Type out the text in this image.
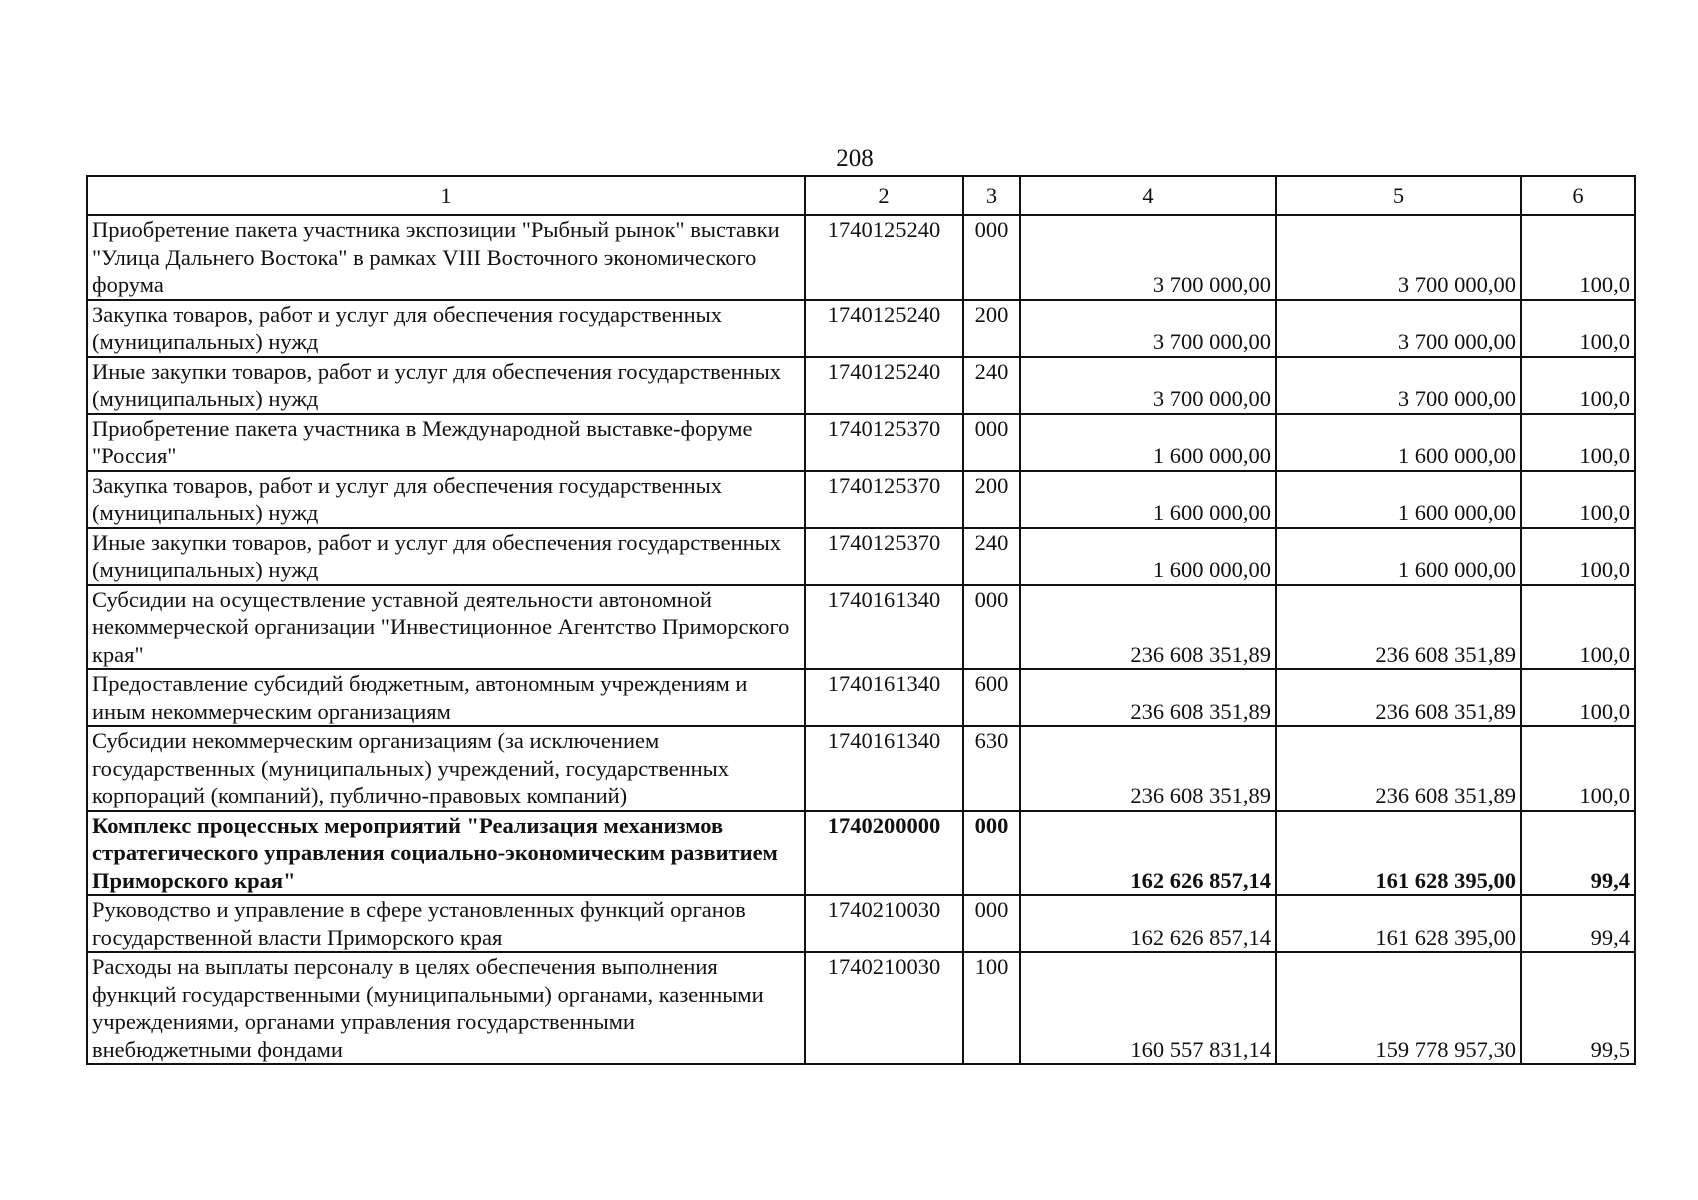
208
1	2	3	4	5	6
Приобретение пакета участника экспозиции "Рыбный рынок" выставки "Улица Дальнего Востока" в рамках VIII Восточного экономического форума	1740125240	000	3 700 000,00	3 700 000,00	100,0
Закупка товаров, работ и услуг для обеспечения государственных (муниципальных) нужд	1740125240	200	3 700 000,00	3 700 000,00	100,0
Иные закупки товаров, работ и услуг для обеспечения государственных (муниципальных) нужд	1740125240	240	3 700 000,00	3 700 000,00	100,0
Приобретение пакета участника в Международной выставке-форуме "Россия"	1740125370	000	1 600 000,00	1 600 000,00	100,0
Закупка товаров, работ и услуг для обеспечения государственных (муниципальных) нужд	1740125370	200	1 600 000,00	1 600 000,00	100,0
Иные закупки товаров, работ и услуг для обеспечения государственных (муниципальных) нужд	1740125370	240	1 600 000,00	1 600 000,00	100,0
Субсидии на осуществление уставной деятельности автономной некоммерческой организации "Инвестиционное Агентство Приморского края"	1740161340	000	236 608 351,89	236 608 351,89	100,0
Предоставление субсидий бюджетным, автономным учреждениям и иным некоммерческим организациям	1740161340	600	236 608 351,89	236 608 351,89	100,0
Субсидии некоммерческим организациям (за исключением государственных (муниципальных) учреждений, государственных корпораций (компаний), публично-правовых компаний)	1740161340	630	236 608 351,89	236 608 351,89	100,0
Комплекс процессных мероприятий "Реализация механизмов стратегического управления социально-экономическим развитием Приморского края"	1740200000	000	162 626 857,14	161 628 395,00	99,4
Руководство и управление в сфере установленных функций органов государственной власти Приморского края	1740210030	000	162 626 857,14	161 628 395,00	99,4
Расходы на выплаты персоналу в целях обеспечения выполнения функций государственными (муниципальными) органами, казенными учреждениями, органами управления государственными внебюджетными фондами	1740210030	100	160 557 831,14	159 778 957,30	99,5
